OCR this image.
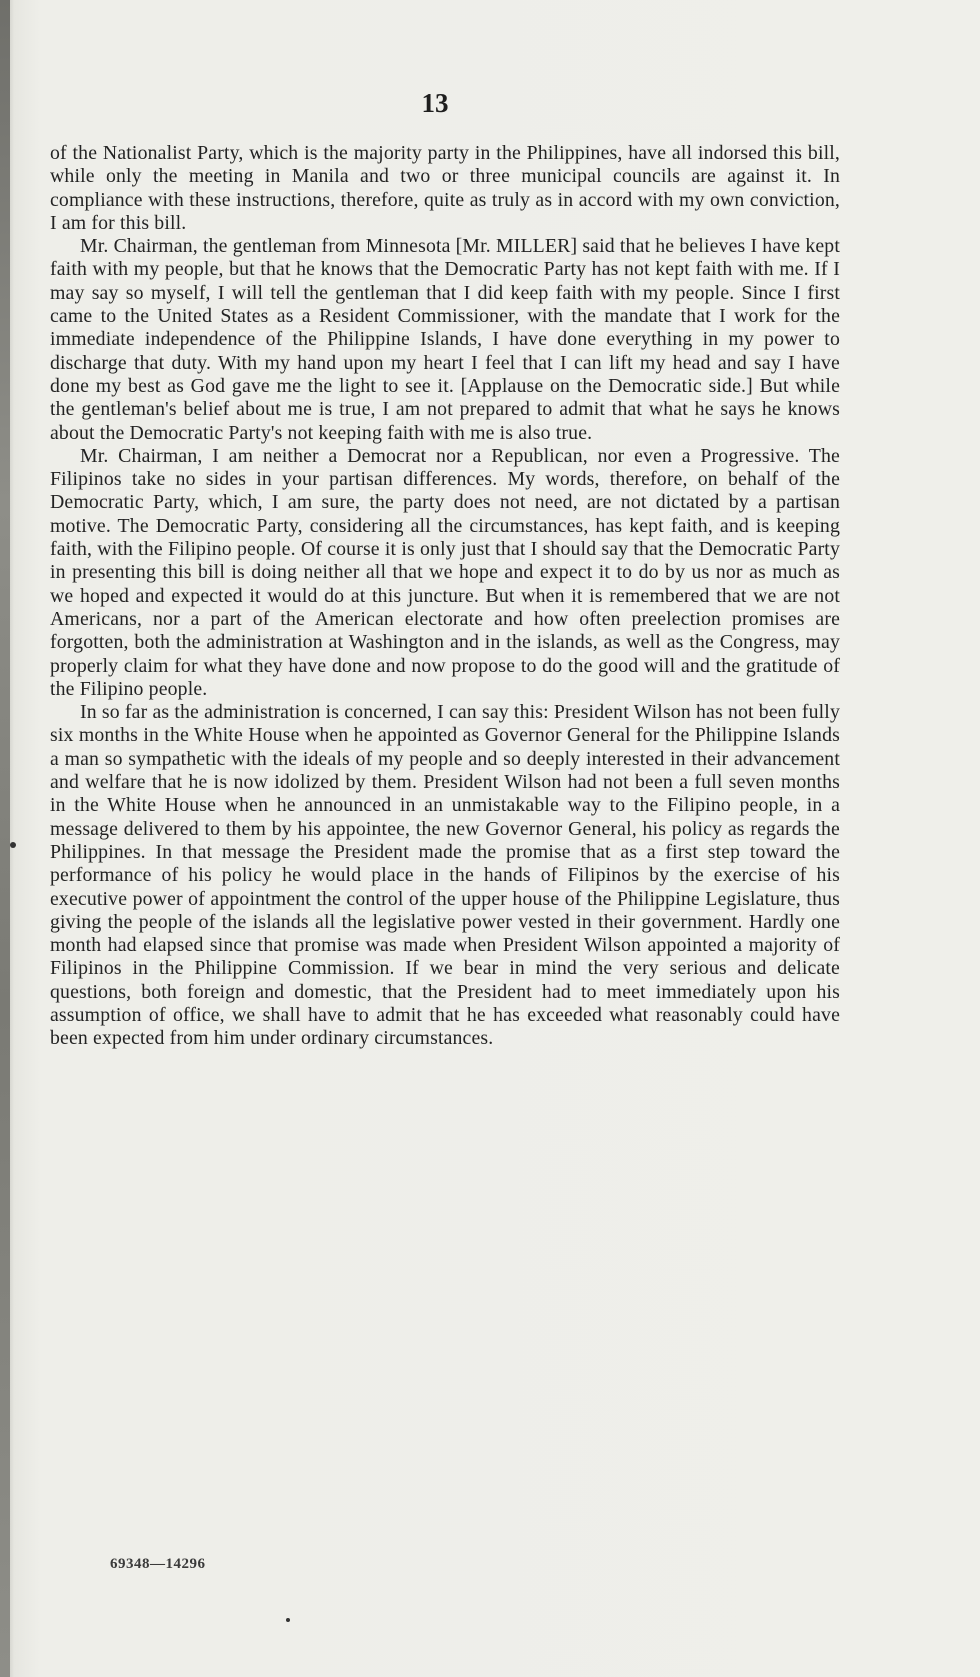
13

of the Nationalist Party, which is the majority party in the Philippines, have all indorsed this bill, while only the meeting in Manila and two or three municipal councils are against it. In compliance with these instructions, therefore, quite as truly as in accord with my own conviction, I am for this bill.

Mr. Chairman, the gentleman from Minnesota [Mr. MILLER] said that he believes I have kept faith with my people, but that he knows that the Democratic Party has not kept faith with me. If I may say so myself, I will tell the gentleman that I did keep faith with my people. Since I first came to the United States as a Resident Commissioner, with the mandate that I work for the immediate independence of the Philippine Islands, I have done everything in my power to discharge that duty. With my hand upon my heart I feel that I can lift my head and say I have done my best as God gave me the light to see it. [Applause on the Democratic side.] But while the gentleman's belief about me is true, I am not prepared to admit that what he says he knows about the Democratic Party's not keeping faith with me is also true.

Mr. Chairman, I am neither a Democrat nor a Republican, nor even a Progressive. The Filipinos take no sides in your partisan differences. My words, therefore, on behalf of the Democratic Party, which, I am sure, the party does not need, are not dictated by a partisan motive. The Democratic Party, considering all the circumstances, has kept faith, and is keeping faith, with the Filipino people. Of course it is only just that I should say that the Democratic Party in presenting this bill is doing neither all that we hope and expect it to do by us nor as much as we hoped and expected it would do at this juncture. But when it is remembered that we are not Americans, nor a part of the American electorate and how often preelection promises are forgotten, both the administration at Washington and in the islands, as well as the Congress, may properly claim for what they have done and now propose to do the good will and the gratitude of the Filipino people.

In so far as the administration is concerned, I can say this: President Wilson has not been fully six months in the White House when he appointed as Governor General for the Philippine Islands a man so sympathetic with the ideals of my people and so deeply interested in their advancement and welfare that he is now idolized by them. President Wilson had not been a full seven months in the White House when he announced in an unmistakable way to the Filipino people, in a message delivered to them by his appointee, the new Governor General, his policy as regards the Philippines. In that message the President made the promise that as a first step toward the performance of his policy he would place in the hands of Filipinos by the exercise of his executive power of appointment the control of the upper house of the Philippine Legislature, thus giving the people of the islands all the legislative power vested in their government. Hardly one month had elapsed since that promise was made when President Wilson appointed a majority of Filipinos in the Philippine Commission. If we bear in mind the very serious and delicate questions, both foreign and domestic, that the President had to meet immediately upon his assumption of office, we shall have to admit that he has exceeded what reasonably could have been expected from him under ordinary circumstances.

69348—14296
